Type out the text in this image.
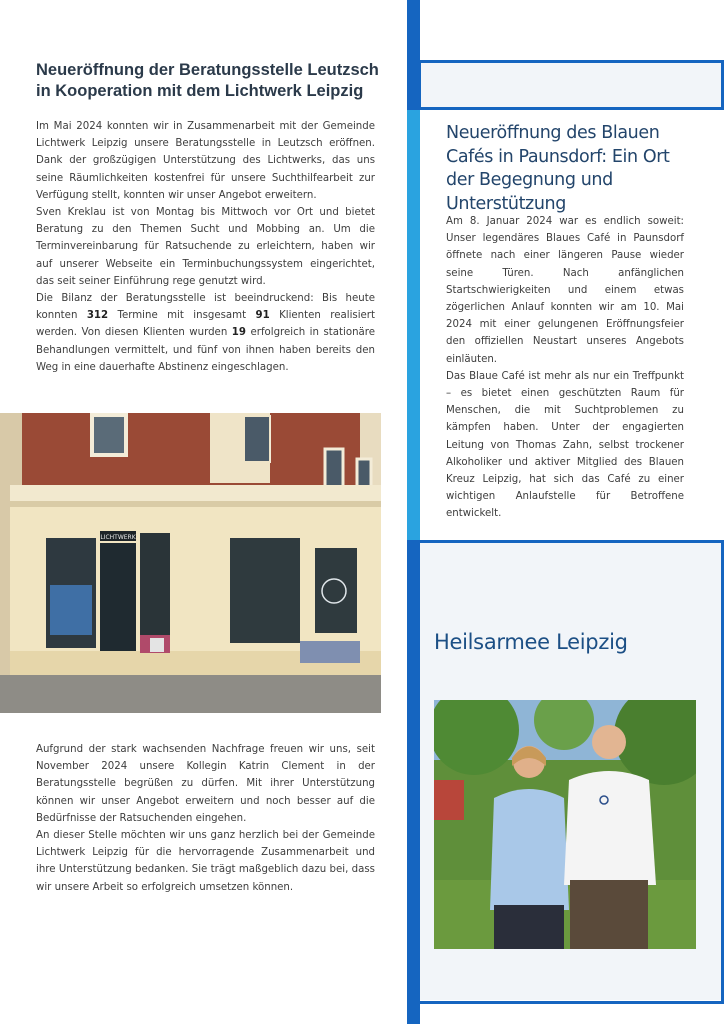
Neueröffnung der Beratungsstelle Leutzsch in Kooperation mit dem Lichtwerk Leipzig

Im Mai 2024 konnten wir in Zusammenarbeit mit der Gemeinde Lichtwerk Leipzig unsere Beratungsstelle in Leutzsch eröffnen. Dank der großzügigen Unterstützung des Lichtwerks, das uns seine Räumlichkeiten kostenfrei für unsere Suchthilfearbeit zur Verfügung stellt, konnten wir unser Angebot erweitern.

Sven Kreklau ist von Montag bis Mittwoch vor Ort und bietet Beratung zu den Themen Sucht und Mobbing an. Um die Terminvereinbarung für Ratsuchende zu erleichtern, haben wir auf unserer Webseite ein Terminbuchungssystem eingerichtet, das seit seiner Einführung rege genutzt wird.

Die Bilanz der Beratungsstelle ist beeindruckend: Bis heute konnten 312 Termine mit insgesamt 91 Klienten realisiert werden. Von diesen Klienten wurden 19 erfolgreich in stationäre Behandlungen vermittelt, und fünf von ihnen haben bereits den Weg in eine dauerhafte Abstinenz eingeschlagen.

LICHTWERK

Aufgrund der stark wachsenden Nachfrage freuen wir uns, seit November 2024 unsere Kollegin Katrin Clement in der Beratungsstelle begrüßen zu dürfen. Mit ihrer Unterstützung können wir unser Angebot erweitern und noch besser auf die Bedürfnisse der Ratsuchenden eingehen.

An dieser Stelle möchten wir uns ganz herzlich bei der Gemeinde Lichtwerk Leipzig für die hervorragende Zusammenarbeit und ihre Unterstützung bedanken. Sie trägt maßgeblich dazu bei, dass wir unsere Arbeit so erfolgreich umsetzen können.

Neueröffnung des Blauen Cafés in Paunsdorf: Ein Ort der Begegnung und Unterstützung

Am 8. Januar 2024 war es endlich soweit: Unser legendäres Blaues Café in Paunsdorf öffnete nach einer längeren Pause wieder seine Türen. Nach anfänglichen Startschwierigkeiten und einem etwas zögerlichen Anlauf konnten wir am 10. Mai 2024 mit einer gelungenen Eröffnungsfeier den offiziellen Neustart unseres Angebots einläuten.

Das Blaue Café ist mehr als nur ein Treffpunkt – es bietet einen geschützten Raum für Menschen, die mit Suchtproblemen zu kämpfen haben. Unter der engagierten Leitung von Thomas Zahn, selbst trockener Alkoholiker und aktiver Mitglied des Blauen Kreuz Leipzig, hat sich das Café zu einer wichtigen Anlaufstelle für Betroffene entwickelt.

Heilsarmee Leipzig
